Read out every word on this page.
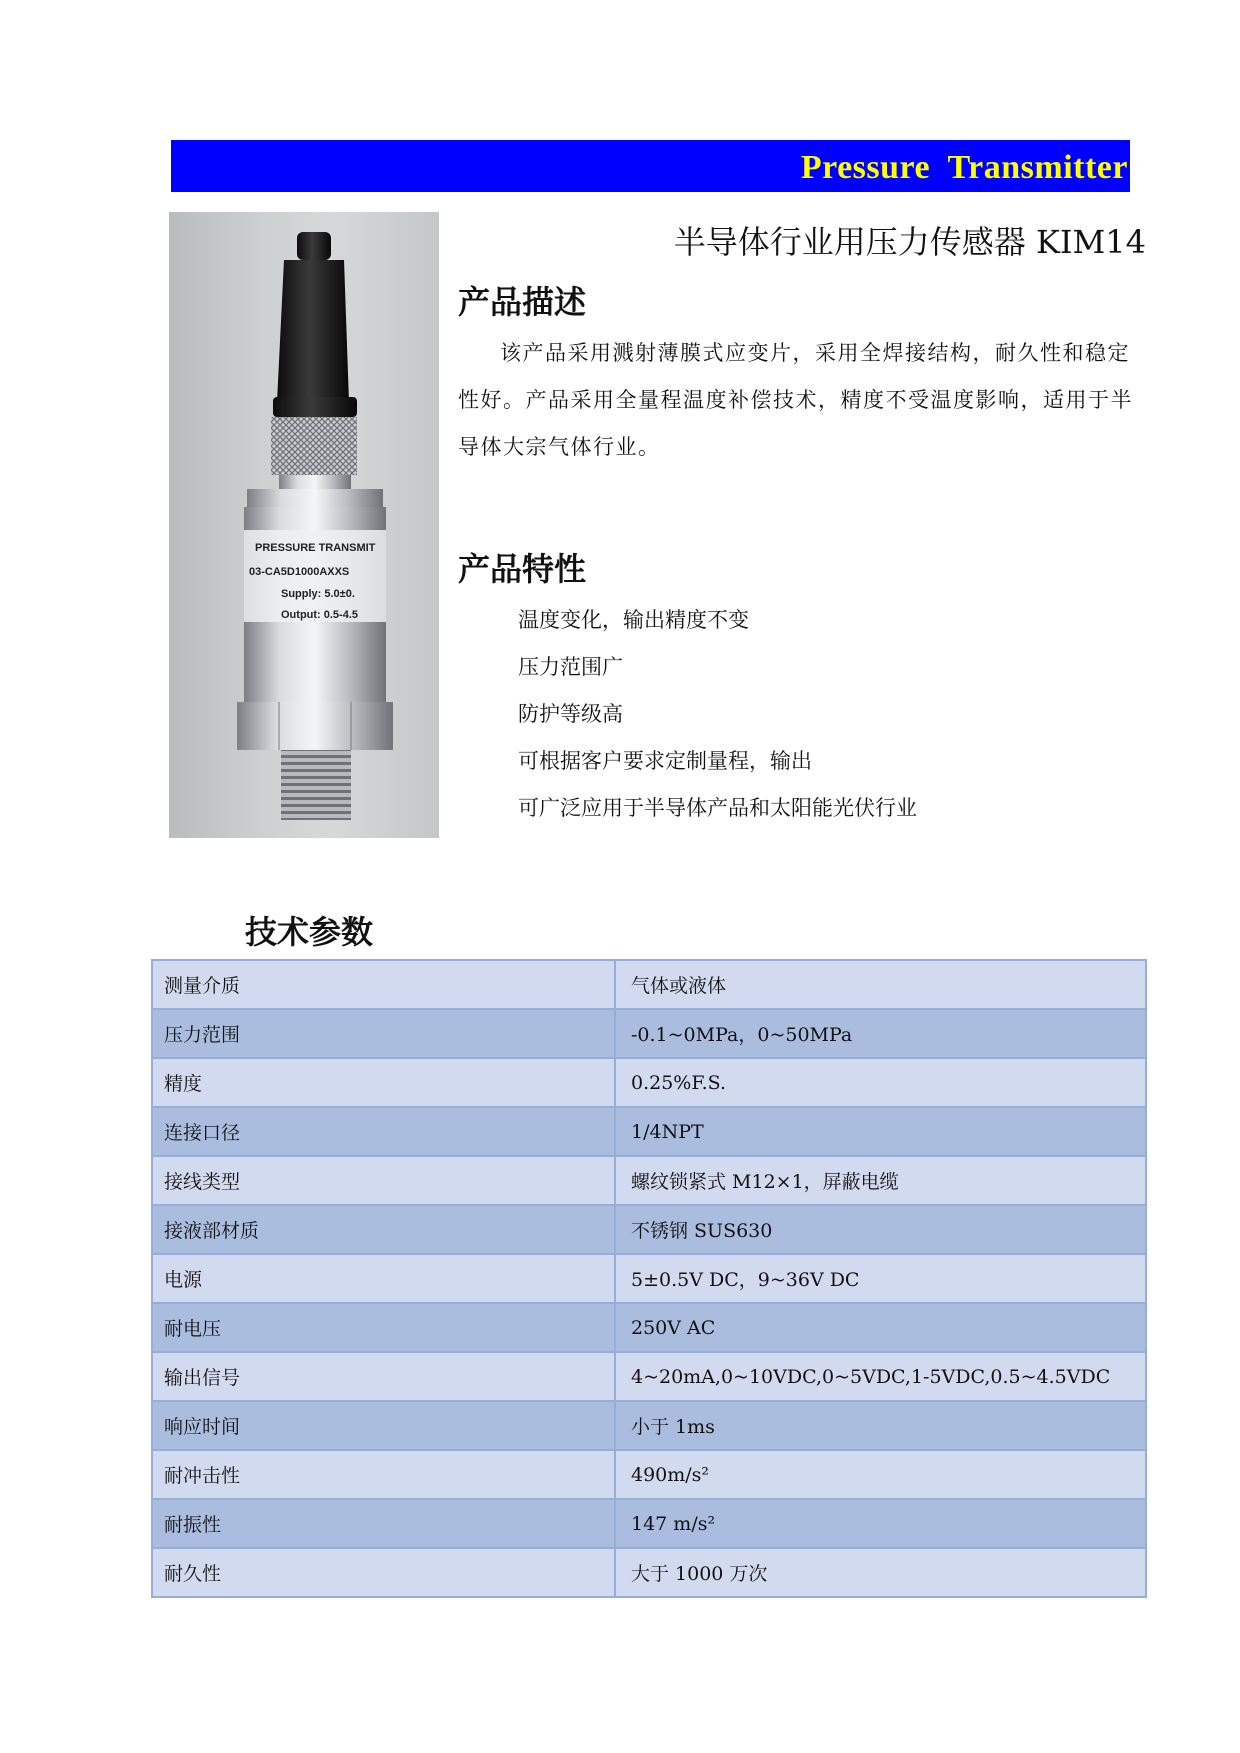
Pressure  Transmitter
PRESSURE TRANSMIT
03-CA5D1000AXXS
Supply: 5.0±0.
Output: 0.5-4.5
半导体行业用压力传感器 KIM14
产品描述

该产品采用溅射薄膜式应变片，采用全焊接结构，耐久性和稳定性好。产品采用全量程温度补偿技术，精度不受温度影响，适用于半导体大宗气体行业。

产品特性
温度变化，输出精度不变
压力范围广
防护等级高
可根据客户要求定制量程，输出
可广泛应用于半导体产品和太阳能光伏行业
技术参数
测量介质	气体或液体
压力范围	-0.1~0MPa，0~50MPa
精度	0.25%F.S.
连接口径	1/4NPT
接线类型	螺纹锁紧式 M12×1，屏蔽电缆
接液部材质	不锈钢 SUS630
电源	5±0.5V DC，9~36V DC
耐电压	250V AC
输出信号	4~20mA,0~10VDC,0~5VDC,1-5VDC,0.5~4.5VDC
响应时间	小于 1ms
耐冲击性	490m/s²
耐振性	147 m/s²
耐久性	大于 1000 万次
